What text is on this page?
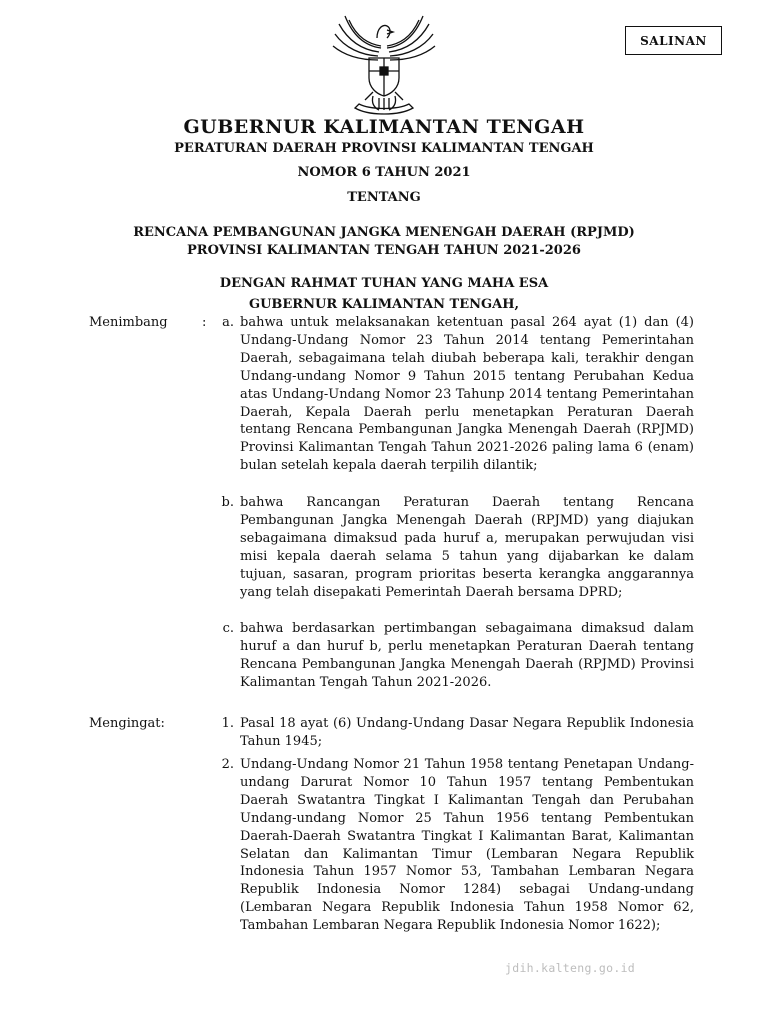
SALINAN
GUBERNUR KALIMANTAN TENGAH
PERATURAN DAERAH PROVINSI KALIMANTAN TENGAH
NOMOR 6 TAHUN 2021
TENTANG
RENCANA PEMBANGUNAN JANGKA MENENGAH DAERAH (RPJMD)
PROVINSI KALIMANTAN TENGAH TAHUN 2021-2026
DENGAN RAHMAT TUHAN YANG MAHA ESA
GUBERNUR KALIMANTAN TENGAH,
Menimbang	:	a. bahwa untuk melaksanakan ketentuan pasal 264 ayat (1) dan (4) Undang-Undang Nomor 23 Tahun 2014 tentang Pemerintahan Daerah, sebagaimana telah diubah beberapa kali, terakhir dengan Undang-undang Nomor 9 Tahun 2015 tentang Perubahan Kedua atas Undang-Undang Nomor 23 Tahunp 2014 tentang Pemerintahan Daerah, Kepala Daerah perlu menetapkan Peraturan Daerah tentang Rencana Pembangunan Jangka Menengah Daerah (RPJMD) Provinsi Kalimantan Tengah Tahun 2021-2026 paling lama 6 (enam) bulan setelah kepala daerah terpilih dilantik;
b. bahwa Rancangan Peraturan Daerah tentang Rencana Pembangunan Jangka Menengah Daerah (RPJMD) yang diajukan sebagaimana dimaksud pada huruf a, merupakan perwujudan visi misi kepala daerah selama 5 tahun yang dijabarkan ke dalam tujuan, sasaran, program prioritas beserta kerangka anggarannya yang telah disepakati Pemerintah Daerah bersama DPRD;
c. bahwa berdasarkan pertimbangan sebagaimana dimaksud dalam huruf a dan huruf b, perlu menetapkan Peraturan Daerah tentang Rencana Pembangunan Jangka Menengah Daerah (RPJMD) Provinsi Kalimantan Tengah Tahun 2021-2026.
Mengingat:	1. Pasal 18 ayat (6) Undang-Undang Dasar Negara Republik Indonesia Tahun 1945;
2. Undang-Undang Nomor 21 Tahun 1958 tentang Penetapan Undang-undang Darurat Nomor 10 Tahun 1957 tentang Pembentukan Daerah Swatantra Tingkat I Kalimantan Tengah dan Perubahan Undang-undang Nomor 25 Tahun 1956 tentang Pembentukan Daerah-Daerah Swatantra Tingkat I Kalimantan Barat, Kalimantan Selatan dan Kalimantan Timur (Lembaran Negara Republik Indonesia Tahun 1957 Nomor 53, Tambahan Lembaran Negara Republik Indonesia Nomor 1284) sebagai Undang-undang (Lembaran Negara Republik Indonesia Tahun 1958 Nomor 62, Tambahan Lembaran Negara Republik Indonesia Nomor 1622);
jdih.kalteng.go.id
